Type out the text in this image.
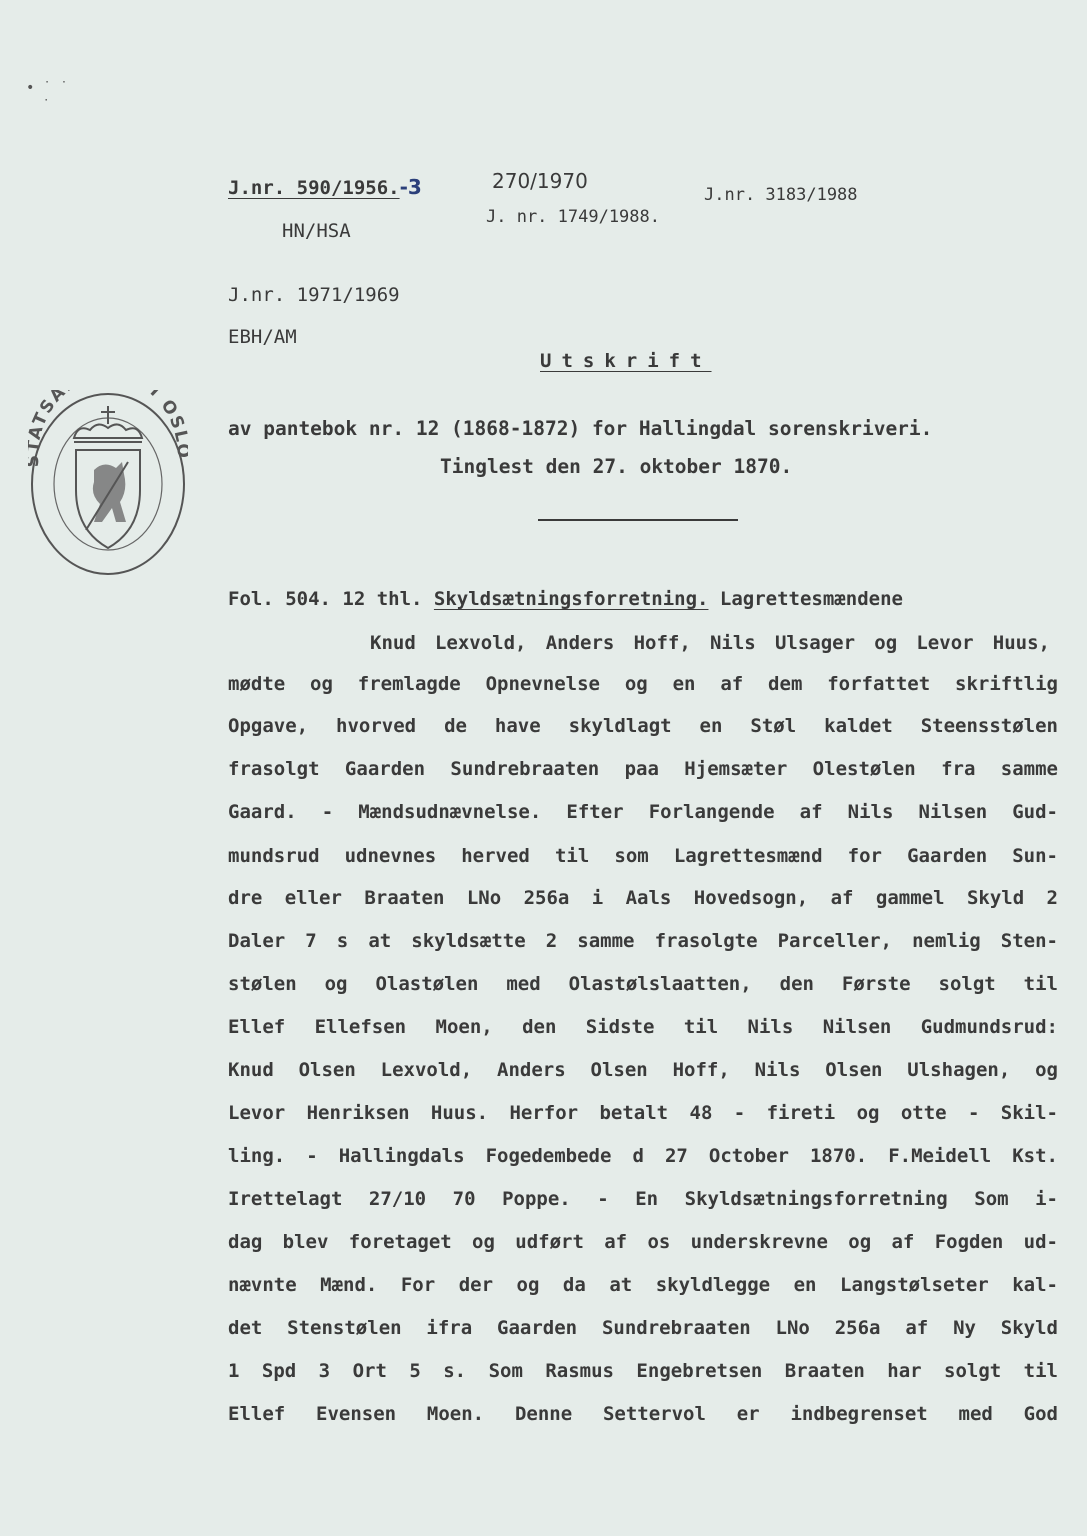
• ˙ ˙
˙
J.nr. 590/1956.-3
HN/HSA
270/1970
J. nr. 1749/1988.
J.nr. 3183/1988
J.nr. 1971/1969
EBH/AM
Utskrift
TSA I OS av pantebok nr. 12 (1868-1872) for Hallingdal sorenskriveri.
Tinglest den 27. oktober 1870.
Fol. 504. 12 thl. Skyldsætningsforretning. Lagrettesmændene
Knud Lexvold, Anders Hoff, Nils Ulsager og Levor Huus,
mødte og fremlagde Opnevnelse og en af dem forfattet skriftlig
Opgave, hvorved de have skyldlagt en Støl kaldet Steensstølen
frasolgt Gaarden Sundrebraaten paa Hjemsæter Olestølen fra samme
Gaard. - Mændsudnævnelse. Efter Forlangende af Nils Nilsen Gud-
mundsrud udnevnes herved til som Lagrettesmænd for Gaarden Sun-
dre eller Braaten LNo 256a i Aals Hovedsogn, af gammel Skyld 2
Daler 7 s at skyldsætte 2 samme frasolgte Parceller, nemlig Sten-
stølen og Olastølen med Olastølslaatten, den Første solgt til
Ellef Ellefsen Moen, den Sidste til Nils Nilsen Gudmundsrud:
Knud Olsen Lexvold, Anders Olsen Hoff, Nils Olsen Ulshagen, og
Levor Henriksen Huus. Herfor betalt 48 - fireti og otte - Skil-
ling. - Hallingdals Fogedembede d 27 October 1870. F.Meidell Kst.
Irettelagt 27/10 70 Poppe. - En Skyldsætningsforretning Som i-
dag blev foretaget og udført af os underskrevne og af Fogden ud-
nævnte Mænd. For der og da at skyldlegge en Langstølseter kal-
det Stenstølen ifra Gaarden Sundrebraaten LNo 256a af Ny Skyld
1 Spd 3 Ort 5 s. Som Rasmus Engebretsen Braaten har solgt til
Ellef Evensen Moen. Denne Settervol er indbegrenset med God
